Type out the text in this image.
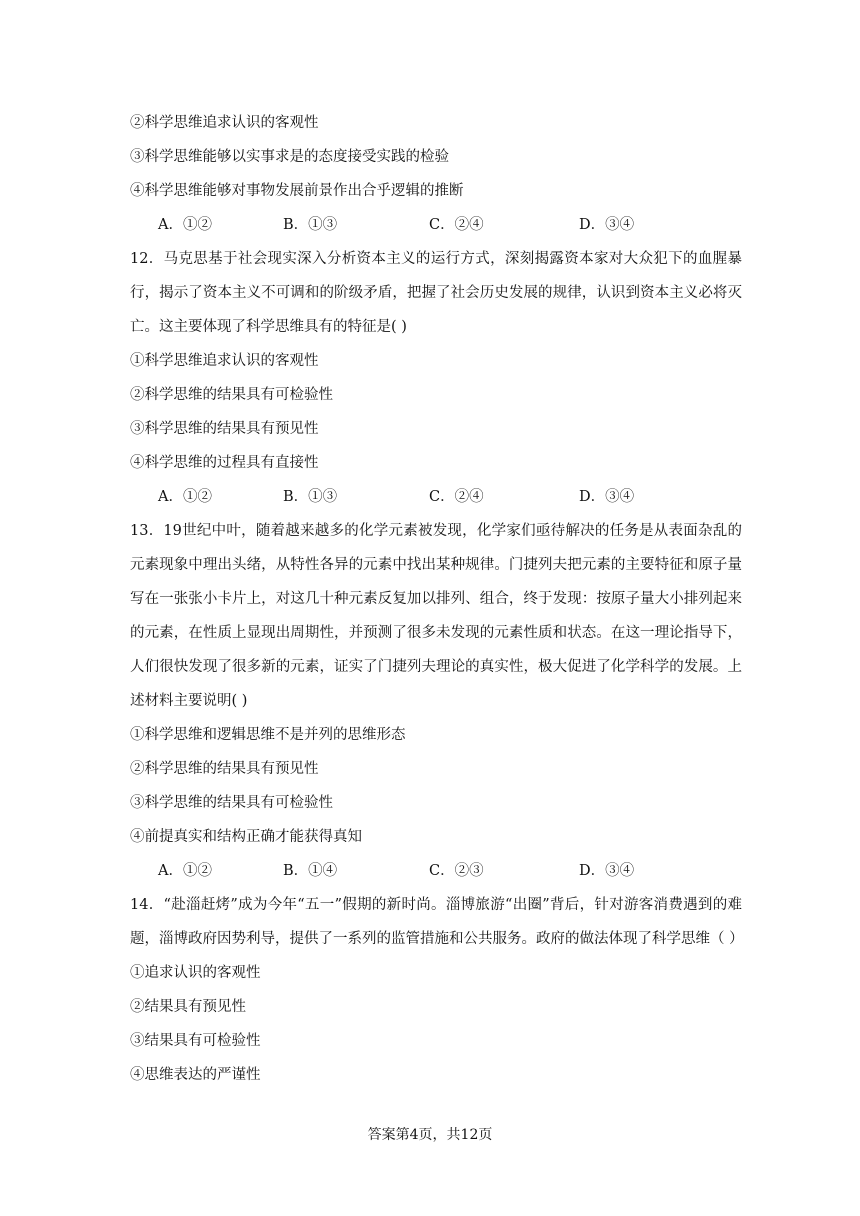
②科学思维追求认识的客观性

③科学思维能够以实事求是的态度接受实践的检验

④科学思维能够对事物发展前景作出合乎逻辑的推断

A．①②	B．①③	C．②④	D．③④

12．马克思基于社会现实深入分析资本主义的运行方式，深刻揭露资本家对大众犯下的血腥暴行，揭示了资本主义不可调和的阶级矛盾，把握了社会历史发展的规律，认识到资本主义必将灭亡。这主要体现了科学思维具有的特征是( )

①科学思维追求认识的客观性

②科学思维的结果具有可检验性

③科学思维的结果具有预见性

④科学思维的过程具有直接性

A．①②	B．①③	C．②④	D．③④

13．19世纪中叶，随着越来越多的化学元素被发现，化学家们亟待解决的任务是从表面杂乱的元素现象中理出头绪，从特性各异的元素中找出某种规律。门捷列夫把元素的主要特征和原子量写在一张张小卡片上，对这几十种元素反复加以排列、组合，终于发现：按原子量大小排列起来的元素，在性质上显现出周期性，并预测了很多未发现的元素性质和状态。在这一理论指导下，人们很快发现了很多新的元素，证实了门捷列夫理论的真实性，极大促进了化学科学的发展。上述材料主要说明( )

①科学思维和逻辑思维不是并列的思维形态

②科学思维的结果具有预见性

③科学思维的结果具有可检验性

④前提真实和结构正确才能获得真知

A．①②	B．①④	C．②③	D．③④

14．“赴淄赶烤”成为今年“五一”假期的新时尚。淄博旅游“出圈”背后，针对游客消费遇到的难题，淄博政府因势利导，提供了一系列的监管措施和公共服务。政府的做法体现了科学思维（ ）

①追求认识的客观性

②结果具有预见性

③结果具有可检验性

④思维表达的严谨性

答案第4页，共12页
